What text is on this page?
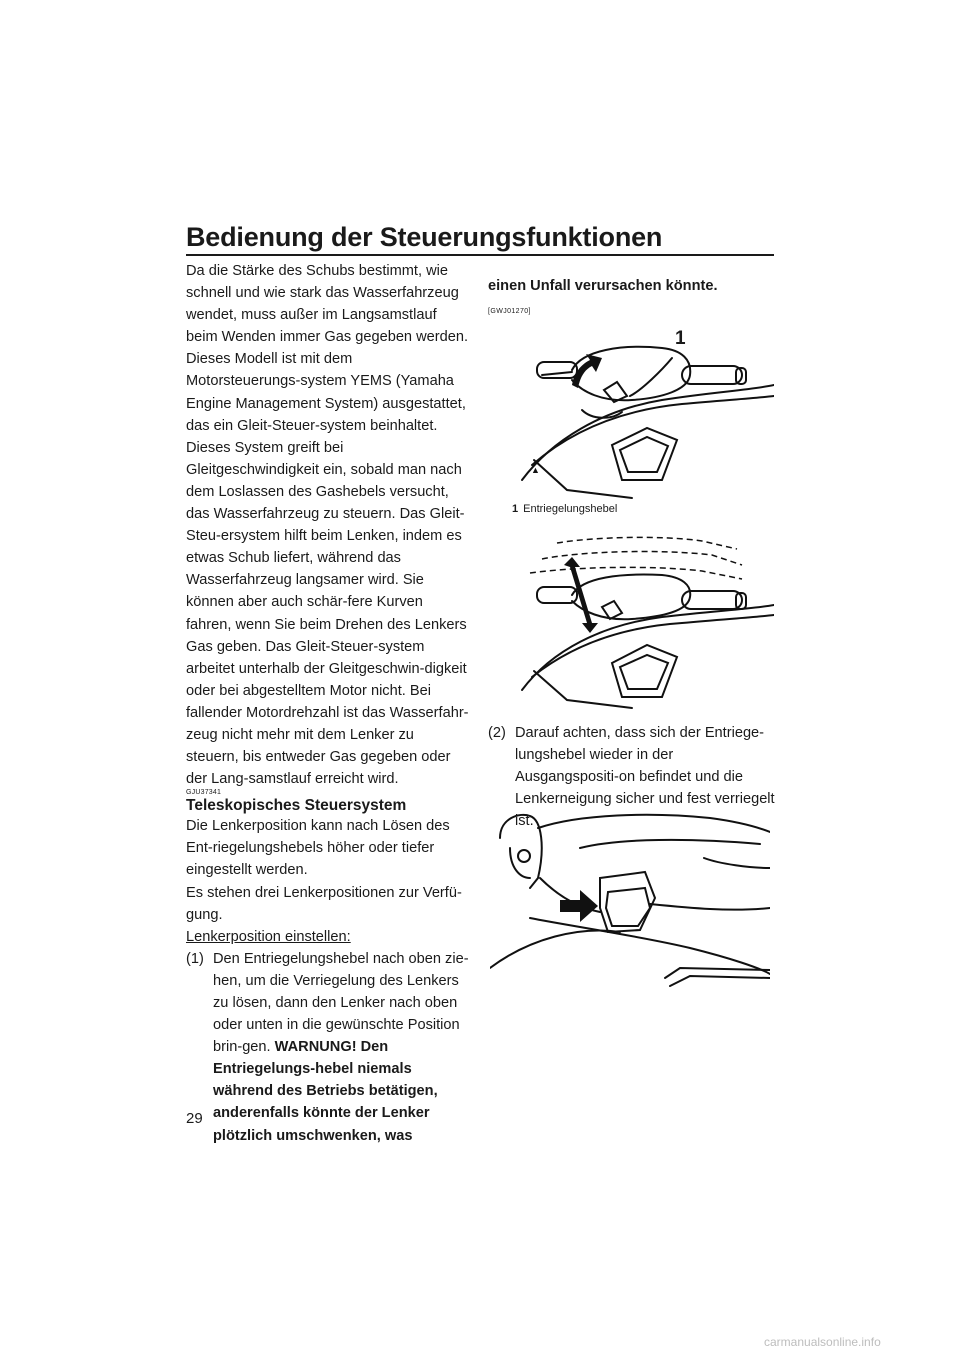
Bedienung der Steuerungsfunktionen

Da die Stärke des Schubs bestimmt, wie schnell und wie stark das Wasserfahrzeug wendet, muss außer im Langsamstlauf beim Wenden immer Gas gegeben werden.

Dieses Modell ist mit dem Motorsteuerungs-system YEMS (Yamaha Engine Management System) ausgestattet, das ein Gleit-Steuer-system beinhaltet. Dieses System greift bei Gleitgeschwindigkeit ein, sobald man nach dem Loslassen des Gashebels versucht, das Wasserfahrzeug zu steuern. Das Gleit-Steu-ersystem hilft beim Lenken, indem es etwas Schub liefert, während das Wasserfahrzeug langsamer wird. Sie können aber auch schär-fere Kurven fahren, wenn Sie beim Drehen des Lenkers Gas geben. Das Gleit-Steuer-system arbeitet unterhalb der Gleitgeschwin-digkeit oder bei abgestelltem Motor nicht. Bei fallender Motordrehzahl ist das Wasserfahr-zeug nicht mehr mit dem Lenker zu steuern, bis entweder Gas gegeben oder der Lang-samstlauf erreicht wird.

GJU37341
Teleskopisches Steuersystem

Die Lenkerposition kann nach Lösen des Ent-riegelungshebels höher oder tiefer eingestellt werden.

Es stehen drei Lenkerpositionen zur Verfü-gung.

Lenkerposition einstellen:

(1) Den Entriegelungshebel nach oben zie-hen, um die Verriegelung des Lenkers zu lösen, dann den Lenker nach oben oder unten in die gewünschte Position brin-gen. WARNUNG! Den Entriegelungs-hebel niemals während des Betriebs betätigen, anderenfalls könnte der Lenker plötzlich umschwenken, was
einen Unfall verursachen könnte.
[GWJ01270]
▲
1
1 Entriegelungshebel
(2) Darauf achten, dass sich der Entriege-lungshebel wieder in der Ausgangspositi-on befindet und die Lenkerneigung sicher und fest verriegelt ist.
29
carmanualsonline.info
